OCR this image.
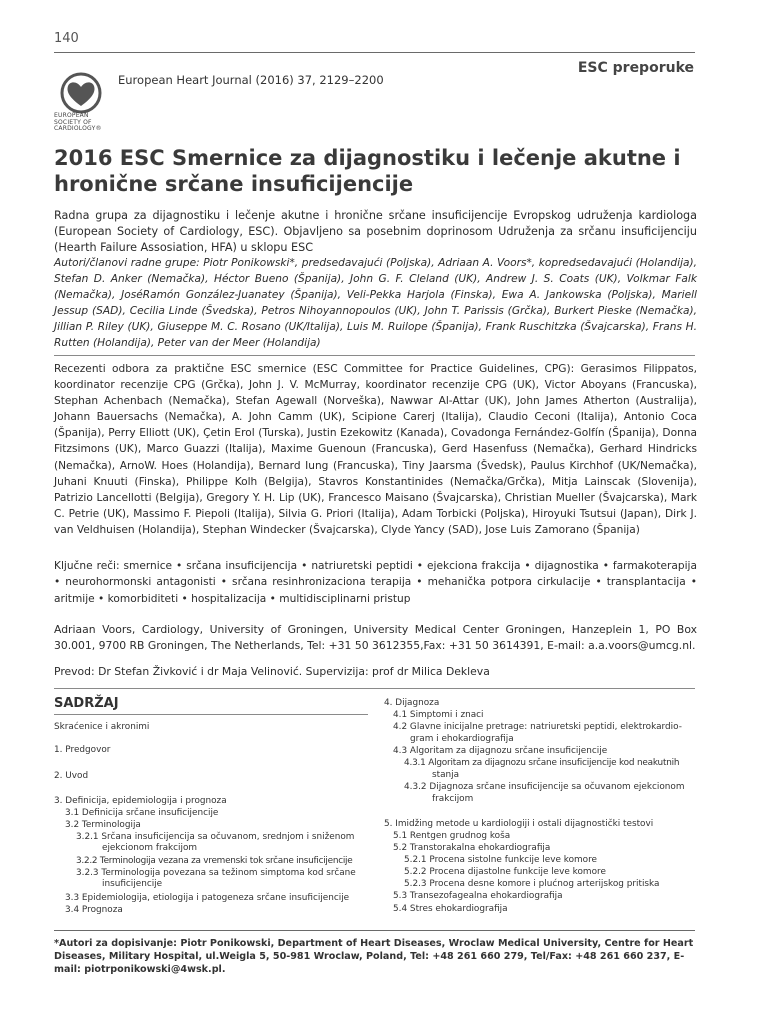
140
ESC preporuke
EUROPEAN
SOCIETY OF
CARDIOLOGY®
European Heart Journal (2016) 37, 2129–2200
2016 ESC Smernice za dijagnostiku i lečenje akutne i hronične srčane insuficijencije

Radna grupa za dijagnostiku i lečenje akutne i hronične srčane insuficijencije Evropskog udruženja kardiologa (European Society of Cardiology, ESC). Objavljeno sa posebnim doprinosom Udruženja za srčanu insuficijenciju (Hearth Failure Assosiation, HFA) u sklopu ESC

Autori/članovi radne grupe: Piotr Ponikowski*, predsedavajući (Poljska), Adriaan A. Voors*, kopredsedavajući (Holandija), Stefan D. Anker (Nemačka), Héctor Bueno (Španija), John G. F. Cleland (UK), Andrew J. S. Coats (UK), Volkmar Falk (Nemačka), JoséRamón González-Juanatey (Španija), Veli-Pekka Harjola (Finska), Ewa A. Jankowska (Poljska), Mariell Jessup (SAD), Cecilia Linde (Švedska), Petros Nihoyannopoulos (UK), John T. Parissis (Grčka), Burkert Pieske (Nemačka), Jillian P. Riley (UK), Giuseppe M. C. Rosano (UK/Italija), Luis M. Ruilope (Španija), Frank Ruschitzka (Švajcarska), Frans H. Rutten (Holandija), Peter van der Meer (Holandija)

Recezenti odbora za praktične ESC smernice (ESC Committee for Practice Guidelines, CPG): Gerasimos Filippatos, koordinator recenzije CPG (Grčka), John J. V. McMurray, koordinator recenzije CPG (UK), Victor Aboyans (Francuska), Stephan Achenbach (Nemačka), Stefan Agewall (Norveška), Nawwar Al-Attar (UK), John James Atherton (Australija), Johann Bauersachs (Nemačka), A. John Camm (UK), Scipione Carerj (Italija), Claudio Ceconi (Italija), Antonio Coca (Španija), Perry Elliott (UK), Çetin Erol (Turska), Justin Ezekowitz (Kanada), Covadonga Fernández-Golfín (Španija), Donna Fitzsimons (UK), Marco Guazzi (Italija), Maxime Guenoun (Francuska), Gerd Hasenfuss (Nemačka), Gerhard Hindricks (Nemačka), ArnoW. Hoes (Holandija), Bernard Iung (Francuska), Tiny Jaarsma (Švedsk), Paulus Kirchhof (UK/Nemačka), Juhani Knuuti (Finska), Philippe Kolh (Belgija), Stavros Konstantinides (Nemačka/Grčka), Mitja Lainscak (Slovenija), Patrizio Lancellotti (Belgija), Gregory Y. H. Lip (UK), Francesco Maisano (Švajcarska), Christian Mueller (Švajcarska), Mark C. Petrie (UK), Massimo F. Piepoli (Italija), Silvia G. Priori (Italija), Adam Torbicki (Poljska), Hiroyuki Tsutsui (Japan), Dirk J. van Veldhuisen (Holandija), Stephan Windecker (Švajcarska), Clyde Yancy (SAD), Jose Luis Zamorano (Španija)

Ključne reči: smernice • srčana insuficijencija • natriuretski peptidi • ejekciona frakcija • dijagnostika • farmakoterapija • neurohormonski antagonisti • srčana resinhronizaciona terapija • mehanička potpora cirkulacije • transplantacija • aritmije • komorbiditeti • hospitalizacija • multidisciplinarni pristup

Adriaan Voors, Cardiology, University of Groningen, University Medical Center Groningen, Hanzeplein 1, PO Box 30.001, 9700 RB Groningen, The Netherlands, Tel: +31 50 3612355,Fax: +31 50 3614391, E-mail: a.a.voors@umcg.nl.

Prevod: Dr Stefan Živković i dr Maja Velinović. Supervizija: prof dr Milica Dekleva

SADRŽAJ
Skraćenice i akronimi
1. Predgovor
2. Uvod
3. Definicija, epidemiologija i prognoza
3.1 Definicija srčane insuficijencije
3.2 Terminologija
3.2.1 Srčana insuficijencija sa očuvanom, srednjom i sniženom
ejekcionom frakcijom
3.2.2 Terminologija vezana za vremenski tok srčane insuficijencije
3.2.3 Terminologija povezana sa težinom simptoma kod srčane
insuficijencije
3.3 Epidemiologija, etiologija i patogeneza srčane insuficijencije
3.4 Prognoza
4. Dijagnoza
4.1 Simptomi i znaci
4.2 Glavne inicijalne pretrage: natriuretski peptidi, elektrokardio-
gram i ehokardiografija
4.3 Algoritam za dijagnozu srčane insuficijencije
4.3.1 Algoritam za dijagnozu srčane insuficijencije kod neakutnih
stanja
4.3.2 Dijagnoza srčane insuficijencije sa očuvanom ejekcionom
frakcijom
5. Imidžing metode u kardiologiji i ostali dijagnostički testovi
5.1 Rentgen grudnog koša
5.2 Transtorakalna ehokardiografija
5.2.1 Procena sistolne funkcije leve komore
5.2.2 Procena dijastolne funkcije leve komore
5.2.3 Procena desne komore i plućnog arterijskog pritiska
5.3 Transezofagealna ehokardiografija
5.4 Stres ehokardiografija

*Autori za dopisivanje: Piotr Ponikowski, Department of Heart Diseases, Wroclaw Medical University, Centre for Heart Diseases, Military Hospital, ul.Weigla 5, 50-981 Wroclaw, Poland, Tel: +48 261 660 279, Tel/Fax: +48 261 660 237, E-mail: piotrponikowski@4wsk.pl.
